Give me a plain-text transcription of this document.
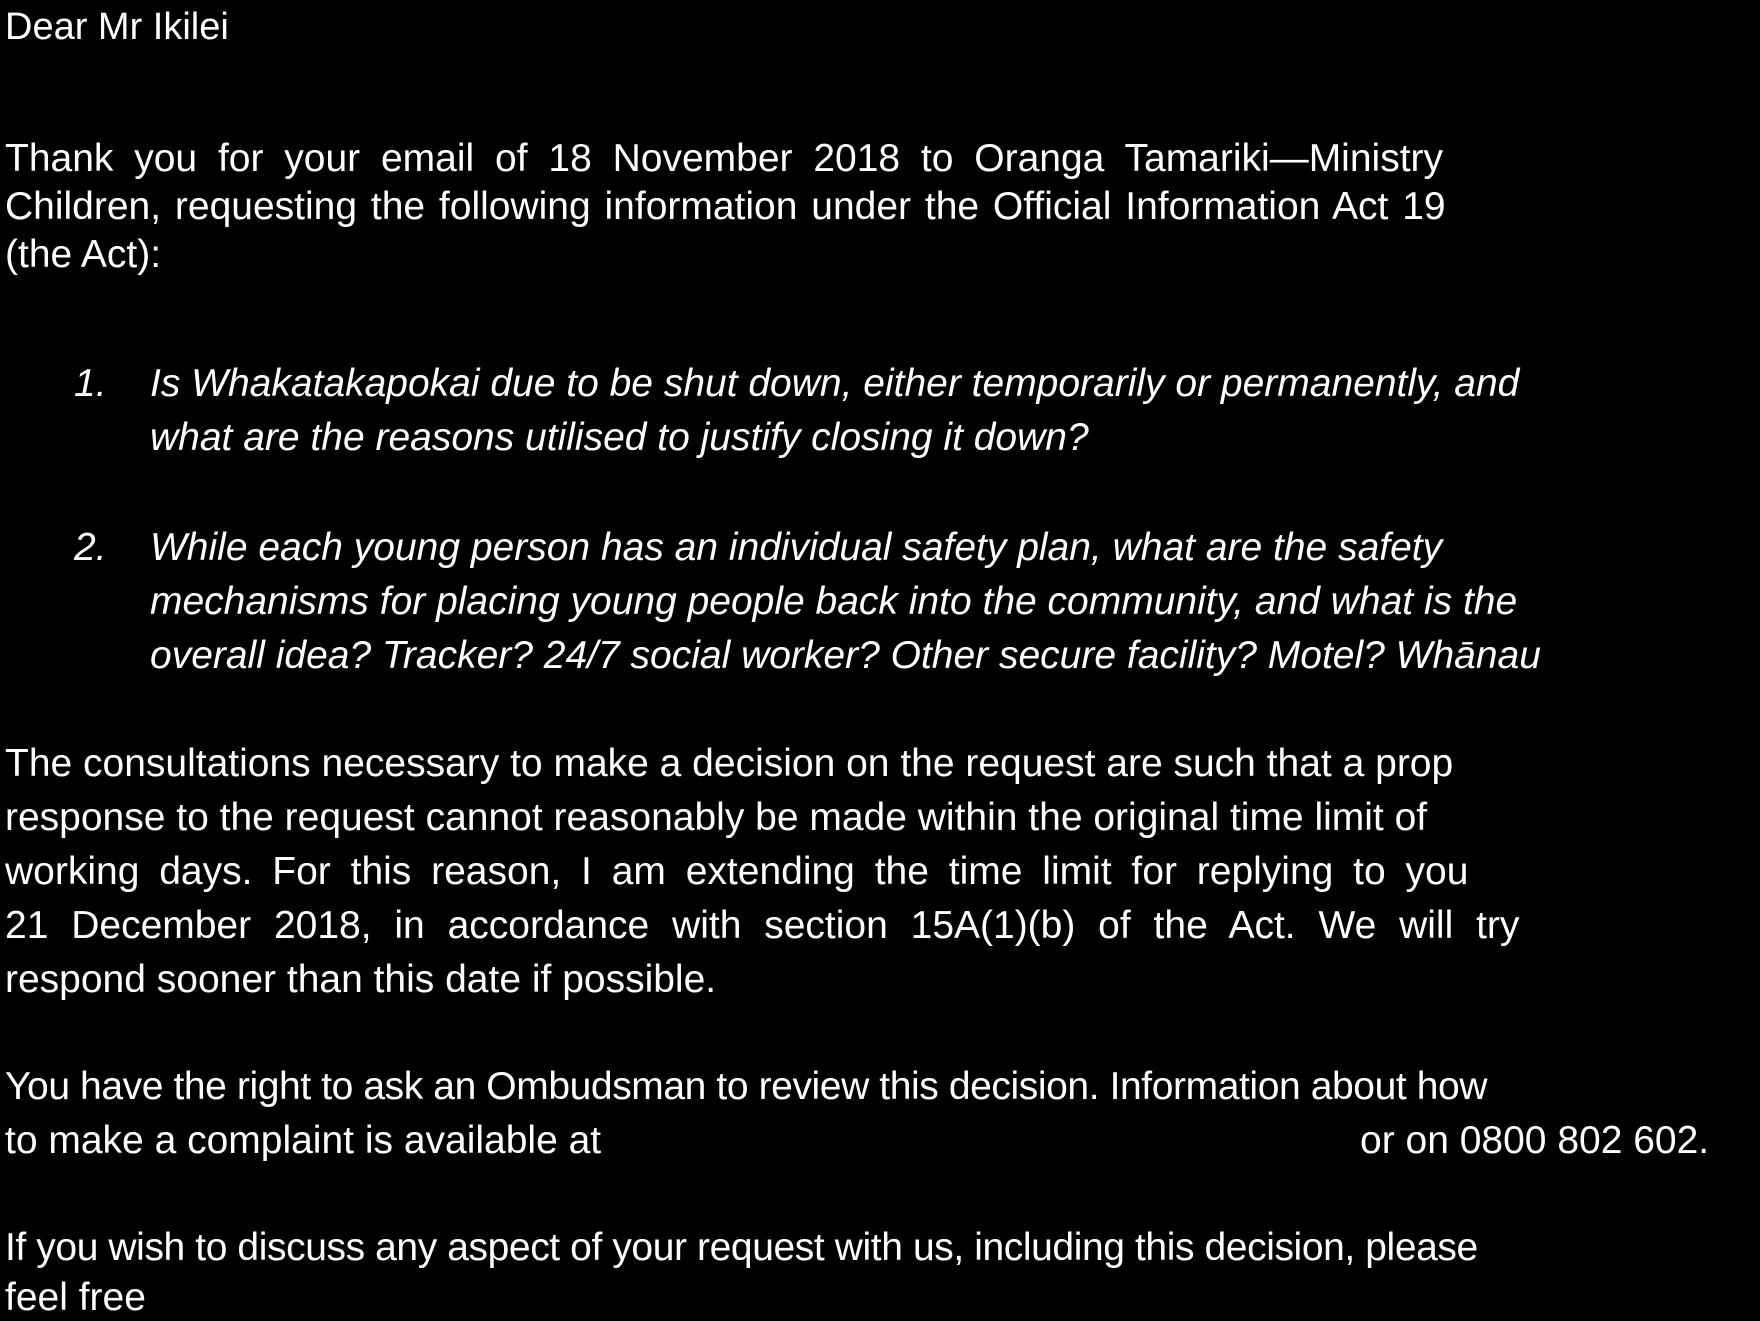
Dear Mr Ikilei
Thank you for your email of 18 November 2018 to Oranga Tamariki—Ministry
Children, requesting the following information under the Official Information Act 19
(the Act):
1. Is Whakatakapokai due to be shut down, either temporarily or permanently, and
what are the reasons utilised to justify closing it down?
2. While each young person has an individual safety plan, what are the safety
mechanisms for placing young people back into the community, and what is the
overall idea? Tracker? 24/7 social worker? Other secure facility? Motel? Whānau
The consultations necessary to make a decision on the request are such that a prop
response to the request cannot reasonably be made within the original time limit of
working days. For this reason, I am extending the time limit for replying to you
21 December 2018, in accordance with section 15A(1)(b) of the Act. We will try
respond sooner than this date if possible.
You have the right to ask an Ombudsman to review this decision. Information about how
to make a complaint is available at	or on 0800 802 602.
If you wish to discuss any aspect of your request with us, including this decision, please
feel free
